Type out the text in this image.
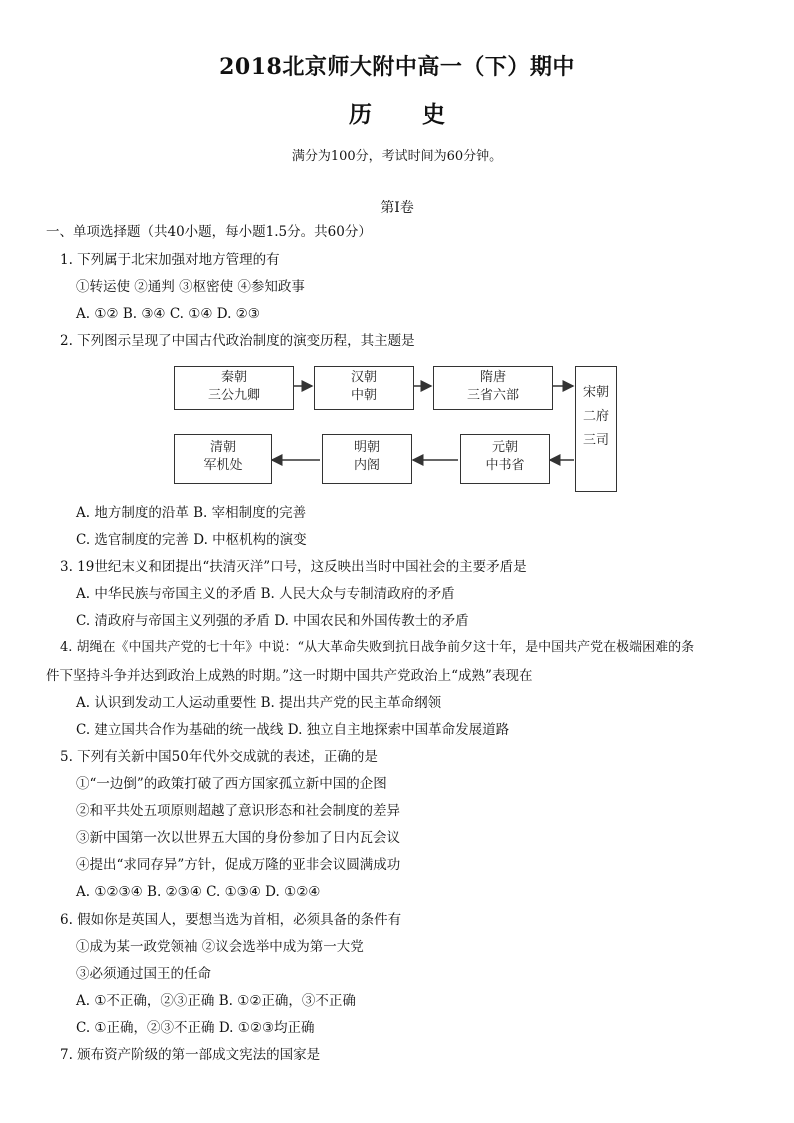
2018北京师大附中高一（下）期中
历 史
满分为100分，考试时间为60分钟。
第I卷
一、单项选择题（共40小题，每小题1.5分。共60分）
1. 下列属于北宋加强对地方管理的有
①转运使 ②通判 ③枢密使 ④参知政事
A. ①② B. ③④ C. ①④ D. ②③
2. 下列图示呈现了中国古代政治制度的演变历程，其主题是
秦朝
三公九卿
汉朝
中朝
隋唐
三省六部	宋朝
二府
三司
元朝
中书省
明朝
内阁
清朝
军机处
A. 地方制度的沿革 B. 宰相制度的完善
C. 选官制度的完善 D. 中枢机构的演变
3. 19世纪末义和团提出“扶清灭洋”口号，这反映出当时中国社会的主要矛盾是
A. 中华民族与帝国主义的矛盾 B. 人民大众与专制清政府的矛盾
C. 清政府与帝国主义列强的矛盾 D. 中国农民和外国传教士的矛盾
4. 胡绳在《中国共产党的七十年》中说：“从大革命失败到抗日战争前夕这十年，是中国共产党在极端困难的条
件下坚持斗争并达到政治上成熟的时期。”这一时期中国共产党政治上“成熟”表现在
A. 认识到发动工人运动重要性 B. 提出共产党的民主革命纲领
C. 建立国共合作为基础的统一战线 D. 独立自主地探索中国革命发展道路
5. 下列有关新中国50年代外交成就的表述，正确的是
①“一边倒”的政策打破了西方国家孤立新中国的企图
②和平共处五项原则超越了意识形态和社会制度的差异
③新中国第一次以世界五大国的身份参加了日内瓦会议
④提出“求同存异”方针，促成万隆的亚非会议圆满成功
A. ①②③④ B. ②③④ C. ①③④ D. ①②④
6. 假如你是英国人，要想当选为首相，必须具备的条件有
①成为某一政党领袖 ②议会选举中成为第一大党
③必须通过国王的任命
A. ①不正确，②③正确 B. ①②正确，③不正确
C. ①正确，②③不正确 D. ①②③均正确
7. 颁布资产阶级的第一部成文宪法的国家是
